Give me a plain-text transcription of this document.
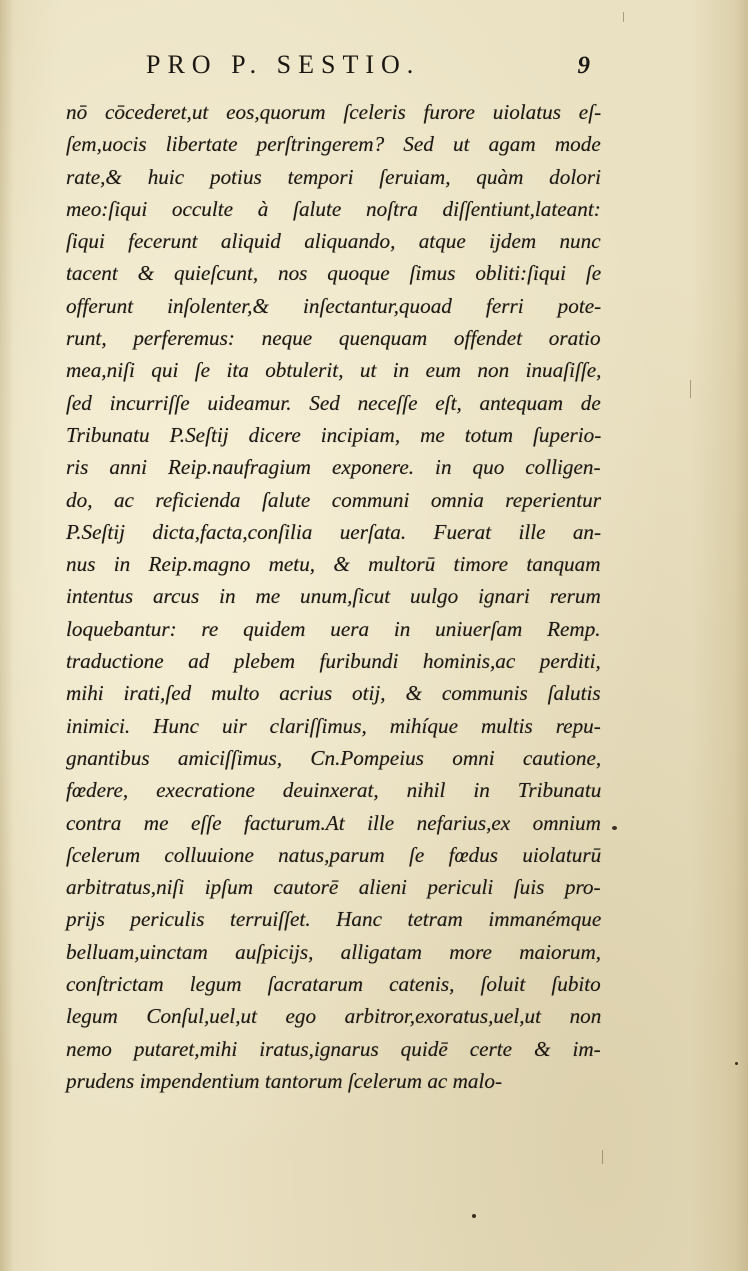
PRO P. SESTIO.	9
nō cōcederet,ut eos,quorum ſceleris furore uiolatus eſ-
ſem,uocis libertate perſtringerem? Sed ut agam mode
rate,& huic potius tempori ſeruiam, quàm dolori
meo:ſiqui occulte à ſalute noſtra diſſentiunt,lateant:
ſiqui fecerunt aliquid aliquando, atque ijdem nunc
tacent & quieſcunt, nos quoque ſimus obliti:ſiqui ſe
offerunt inſolenter,& inſectantur,quoad ferri pote-
runt, perferemus: neque quenquam offendet oratio
mea,niſi qui ſe ita obtulerit, ut in eum non inuaſiſſe,
ſed incurriſſe uideamur. Sed neceſſe eſt, antequam de
Tribunatu P.Seſtij dicere incipiam, me totum ſuperio-
ris anni Reip.naufragium exponere. in quo colligen-
do, ac reficienda ſalute communi omnia reperientur
P.Seſtij dicta,facta,conſilia uerſata. Fuerat ille an-
nus in Reip.magno metu, & multorū timore tanquam
intentus arcus in me unum,ſicut uulgo ignari rerum
loquebantur: re quidem uera in uniuerſam Remp.
traductione ad plebem furibundi hominis,ac perditi,
mihi irati,ſed multo acrius otij, & communis ſalutis
inimici. Hunc uir clariſſimus, mihíque multis repu-
gnantibus amiciſſimus, Cn.Pompeius omni cautione,
fœdere, execratione deuinxerat, nihil in Tribunatu
contra me eſſe facturum.At ille nefarius,ex omnium
ſcelerum colluuione natus,parum ſe fœdus uiolaturū
arbitratus,niſi ipſum cautorē alieni periculi ſuis pro-
prijs periculis terruiſſet. Hanc tetram immanémque
belluam,uinctam auſpicijs, alligatam more maiorum,
conſtrictam legum ſacratarum catenis, ſoluit ſubito
legum Conſul,uel,ut ego arbitror,exoratus,uel,ut non
nemo putaret,mihi iratus,ignarus quidē certe & im-
prudens impendentium tantorum ſcelerum ac malo-
